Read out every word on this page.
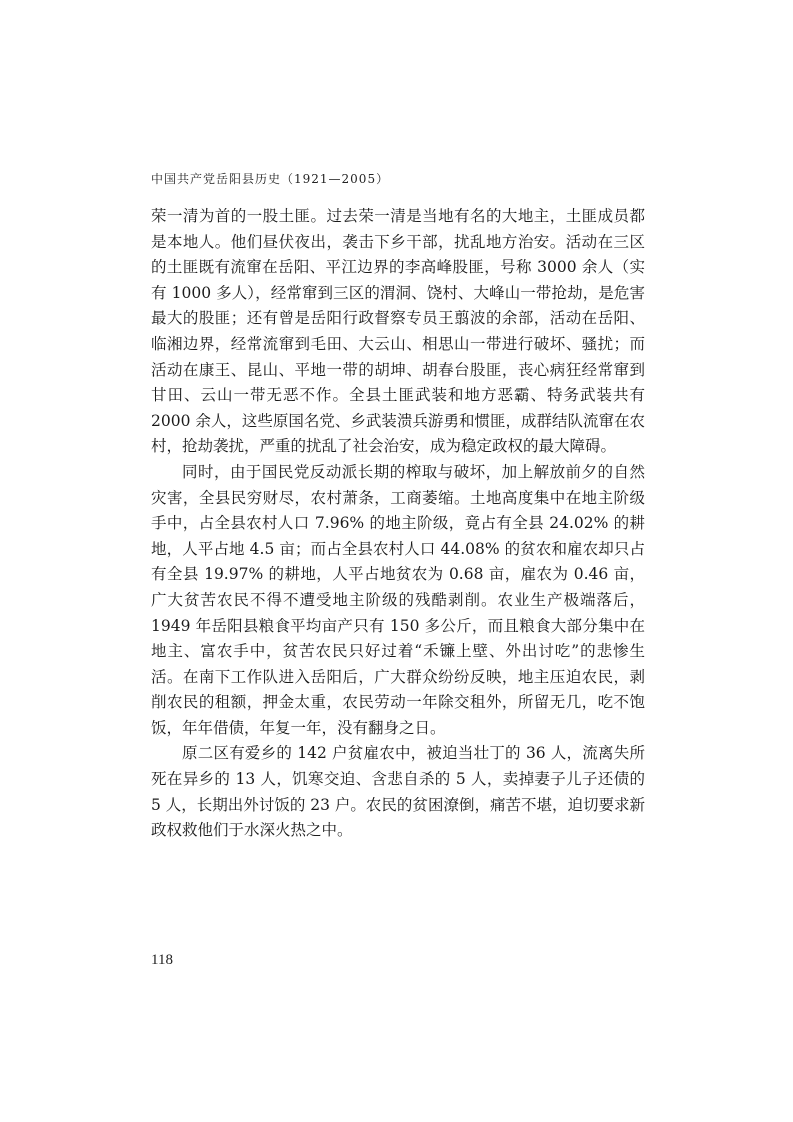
中国共产党岳阳县历史（1921—2005）

荣一清为首的一股土匪。过去荣一清是当地有名的大地主，土匪成员都是本地人。他们昼伏夜出，袭击下乡干部，扰乱地方治安。活动在三区的土匪既有流窜在岳阳、平江边界的李高峰股匪，号称 3000 余人（实有 1000 多人），经常窜到三区的渭洞、饶村、大峰山一带抢劫，是危害最大的股匪；还有曾是岳阳行政督察专员王翦波的余部，活动在岳阳、临湘边界，经常流窜到毛田、大云山、相思山一带进行破坏、骚扰；而活动在康王、昆山、平地一带的胡坤、胡春台股匪，丧心病狂经常窜到甘田、云山一带无恶不作。全县土匪武装和地方恶霸、特务武装共有 2000 余人，这些原国名党、乡武装溃兵游勇和惯匪，成群结队流窜在农村，抢劫袭扰，严重的扰乱了社会治安，成为稳定政权的最大障碍。

同时，由于国民党反动派长期的榨取与破坏，加上解放前夕的自然灾害，全县民穷财尽，农村萧条，工商萎缩。土地高度集中在地主阶级手中，占全县农村人口 7.96% 的地主阶级，竟占有全县 24.02% 的耕地，人平占地 4.5 亩；而占全县农村人口 44.08% 的贫农和雇农却只占有全县 19.97% 的耕地，人平占地贫农为 0.68 亩，雇农为 0.46 亩，广大贫苦农民不得不遭受地主阶级的残酷剥削。农业生产极端落后，1949 年岳阳县粮食平均亩产只有 150 多公斤，而且粮食大部分集中在地主、富农手中，贫苦农民只好过着“禾镰上壁、外出讨吃”的悲惨生活。在南下工作队进入岳阳后，广大群众纷纷反映，地主压迫农民，剥削农民的租额，押金太重，农民劳动一年除交租外，所留无几，吃不饱饭，年年借债，年复一年，没有翻身之日。

原二区有爱乡的 142 户贫雇农中，被迫当壮丁的 36 人，流离失所死在异乡的 13 人，饥寒交迫、含悲自杀的 5 人，卖掉妻子儿子还债的 5 人，长期出外讨饭的 23 户。农民的贫困潦倒，痛苦不堪，迫切要求新政权救他们于水深火热之中。

118
